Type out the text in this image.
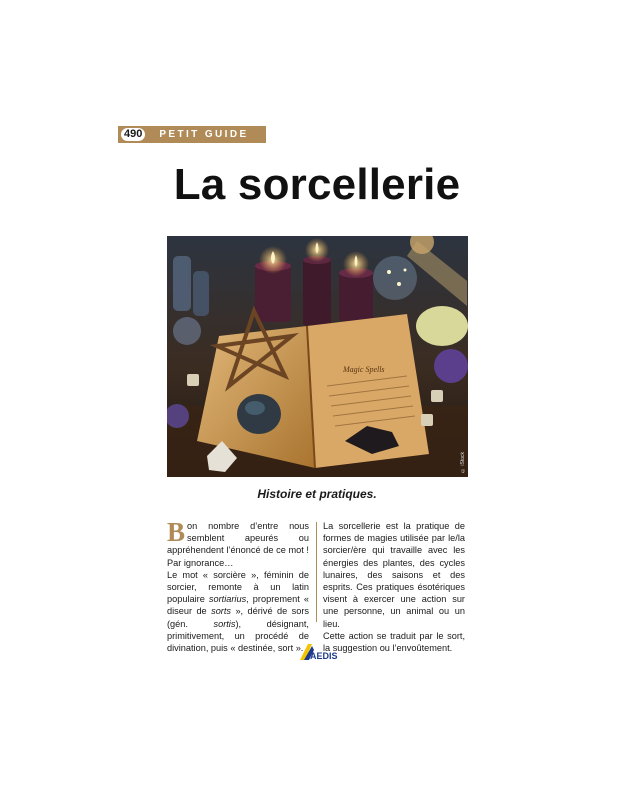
490	PETIT GUIDE
La sorcellerie
Magic Spells
© iStock
Histoire et pratiques.

Bon nombre d’entre nous semblent apeurés ou appréhendent l’énoncé de ce mot ! Par ignorance…

Le mot « sorcière », féminin de sorcier, remonte à un latin populaire sortiarius, proprement « diseur de sorts », dérivé de sors (gén. sortis), désignant, primitivement, un procédé de divination, puis « destinée, sort ».

La sorcellerie est la pratique de formes de magies utilisée par le/la sorcier/ère qui travaille avec les énergies des plantes, des cycles lunaires, des saisons et des esprits. Ces pratiques ésotériques visent à exercer une action sur une personne, un animal ou un lieu.

Cette action se traduit par le sort, la suggestion ou l’envoûtement.

AEDIS
